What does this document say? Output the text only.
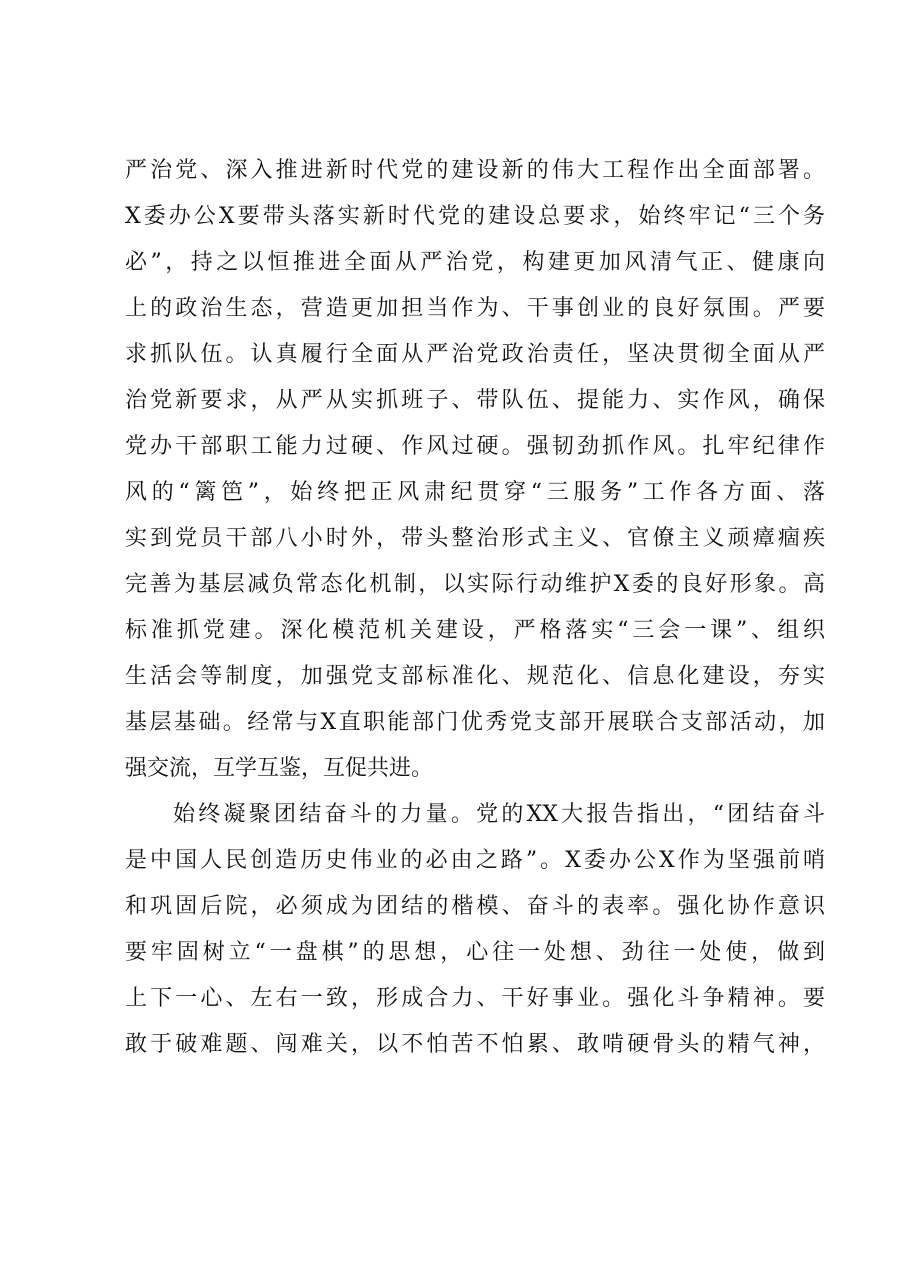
严治党、深入推进新时代党的建设新的伟大工程作出全面部署。
X委办公X要带头落实新时代党的建设总要求，始终牢记“三个务
必”，持之以恒推进全面从严治党，构建更加风清气正、健康向
上的政治生态，营造更加担当作为、干事创业的良好氛围。严要
求抓队伍。认真履行全面从严治党政治责任，坚决贯彻全面从严
治党新要求，从严从实抓班子、带队伍、提能力、实作风，确保
党办干部职工能力过硬、作风过硬。强韧劲抓作风。扎牢纪律作
风的“篱笆”，始终把正风肃纪贯穿“三服务”工作各方面、落
实到党员干部八小时外，带头整治形式主义、官僚主义顽瘴痼疾
完善为基层减负常态化机制，以实际行动维护X委的良好形象。高
标准抓党建。深化模范机关建设，严格落实“三会一课”、组织
生活会等制度，加强党支部标准化、规范化、信息化建设，夯实
基层基础。经常与X直职能部门优秀党支部开展联合支部活动，加
强交流，互学互鉴，互促共进。
始终凝聚团结奋斗的力量。党的XX大报告指出，“团结奋斗
是中国人民创造历史伟业的必由之路”。X委办公X作为坚强前哨
和巩固后院，必须成为团结的楷模、奋斗的表率。强化协作意识
要牢固树立“一盘棋”的思想，心往一处想、劲往一处使，做到
上下一心、左右一致，形成合力、干好事业。强化斗争精神。要
敢于破难题、闯难关，以不怕苦不怕累、敢啃硬骨头的精气神，
